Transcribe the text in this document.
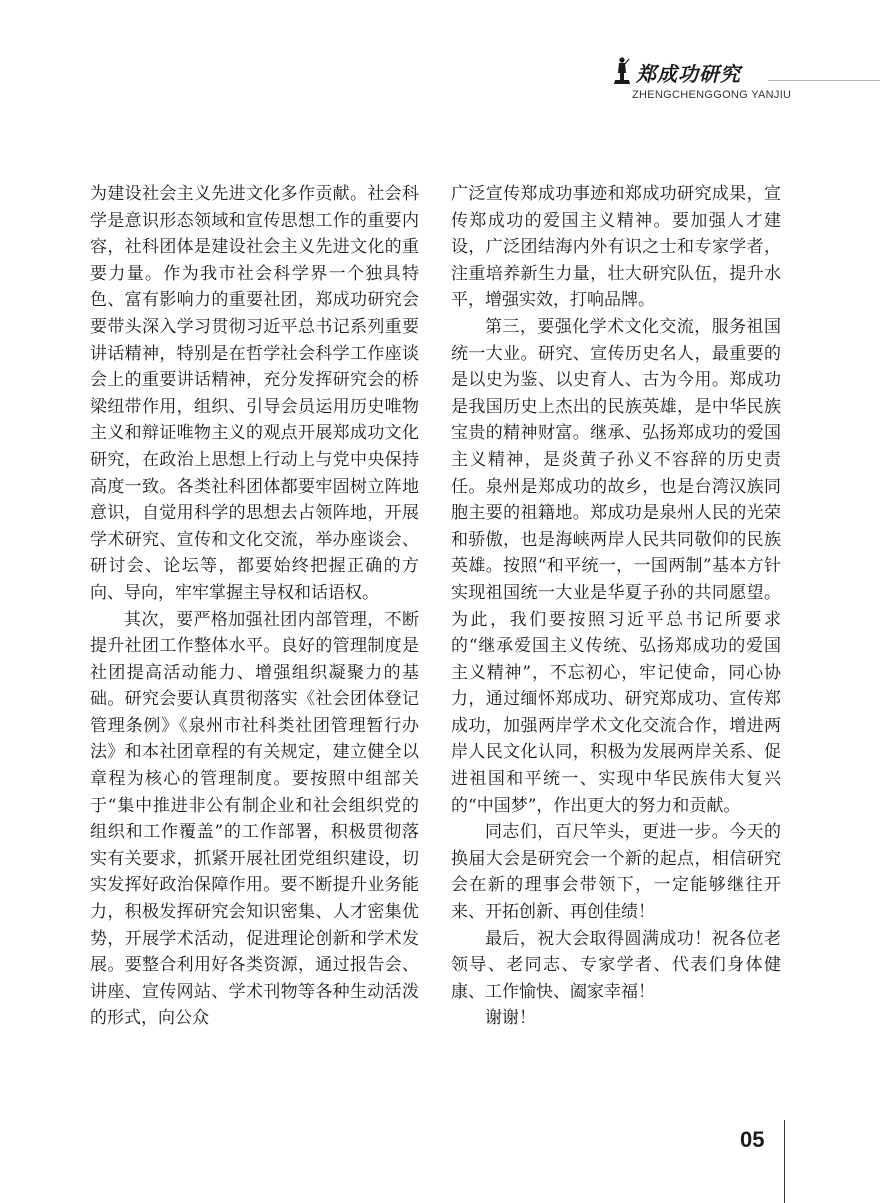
郑成功研究
ZHENGCHENGGONG YANJIU

为建设社会主义先进文化多作贡献。社会科学是意识形态领域和宣传思想工作的重要内容，社科团体是建设社会主义先进文化的重要力量。作为我市社会科学界一个独具特色、富有影响力的重要社团，郑成功研究会要带头深入学习贯彻习近平总书记系列重要讲话精神，特别是在哲学社会科学工作座谈会上的重要讲话精神，充分发挥研究会的桥梁纽带作用，组织、引导会员运用历史唯物主义和辩证唯物主义的观点开展郑成功文化研究，在政治上思想上行动上与党中央保持高度一致。各类社科团体都要牢固树立阵地意识，自觉用科学的思想去占领阵地，开展学术研究、宣传和文化交流，举办座谈会、研讨会、论坛等，都要始终把握正确的方向、导向，牢牢掌握主导权和话语权。

其次，要严格加强社团内部管理，不断提升社团工作整体水平。良好的管理制度是社团提高活动能力、增强组织凝聚力的基础。研究会要认真贯彻落实《社会团体登记管理条例》《泉州市社科类社团管理暂行办法》和本社团章程的有关规定，建立健全以章程为核心的管理制度。要按照中组部关于“集中推进非公有制企业和社会组织党的组织和工作覆盖”的工作部署，积极贯彻落实有关要求，抓紧开展社团党组织建设，切实发挥好政治保障作用。要不断提升业务能力，积极发挥研究会知识密集、人才密集优势，开展学术活动，促进理论创新和学术发展。要整合利用好各类资源，通过报告会、讲座、宣传网站、学术刊物等各种生动活泼的形式，向公众

广泛宣传郑成功事迹和郑成功研究成果，宣传郑成功的爱国主义精神。要加强人才建设，广泛团结海内外有识之士和专家学者，注重培养新生力量，壮大研究队伍，提升水平，增强实效，打响品牌。

第三，要强化学术文化交流，服务祖国统一大业。研究、宣传历史名人，最重要的是以史为鉴、以史育人、古为今用。郑成功是我国历史上杰出的民族英雄，是中华民族宝贵的精神财富。继承、弘扬郑成功的爱国主义精神，是炎黄子孙义不容辞的历史责任。泉州是郑成功的故乡，也是台湾汉族同胞主要的祖籍地。郑成功是泉州人民的光荣和骄傲，也是海峡两岸人民共同敬仰的民族英雄。按照“和平统一，一国两制”基本方针实现祖国统一大业是华夏子孙的共同愿望。为此，我们要按照习近平总书记所要求的“继承爱国主义传统、弘扬郑成功的爱国主义精神”，不忘初心，牢记使命，同心协力，通过缅怀郑成功、研究郑成功、宣传郑成功，加强两岸学术文化交流合作，增进两岸人民文化认同，积极为发展两岸关系、促进祖国和平统一、实现中华民族伟大复兴的“中国梦”，作出更大的努力和贡献。

同志们，百尺竿头，更进一步。今天的换届大会是研究会一个新的起点，相信研究会在新的理事会带领下，一定能够继往开来、开拓创新、再创佳绩！

最后，祝大会取得圆满成功！祝各位老领导、老同志、专家学者、代表们身体健康、工作愉快、阖家幸福！

谢谢！

05
